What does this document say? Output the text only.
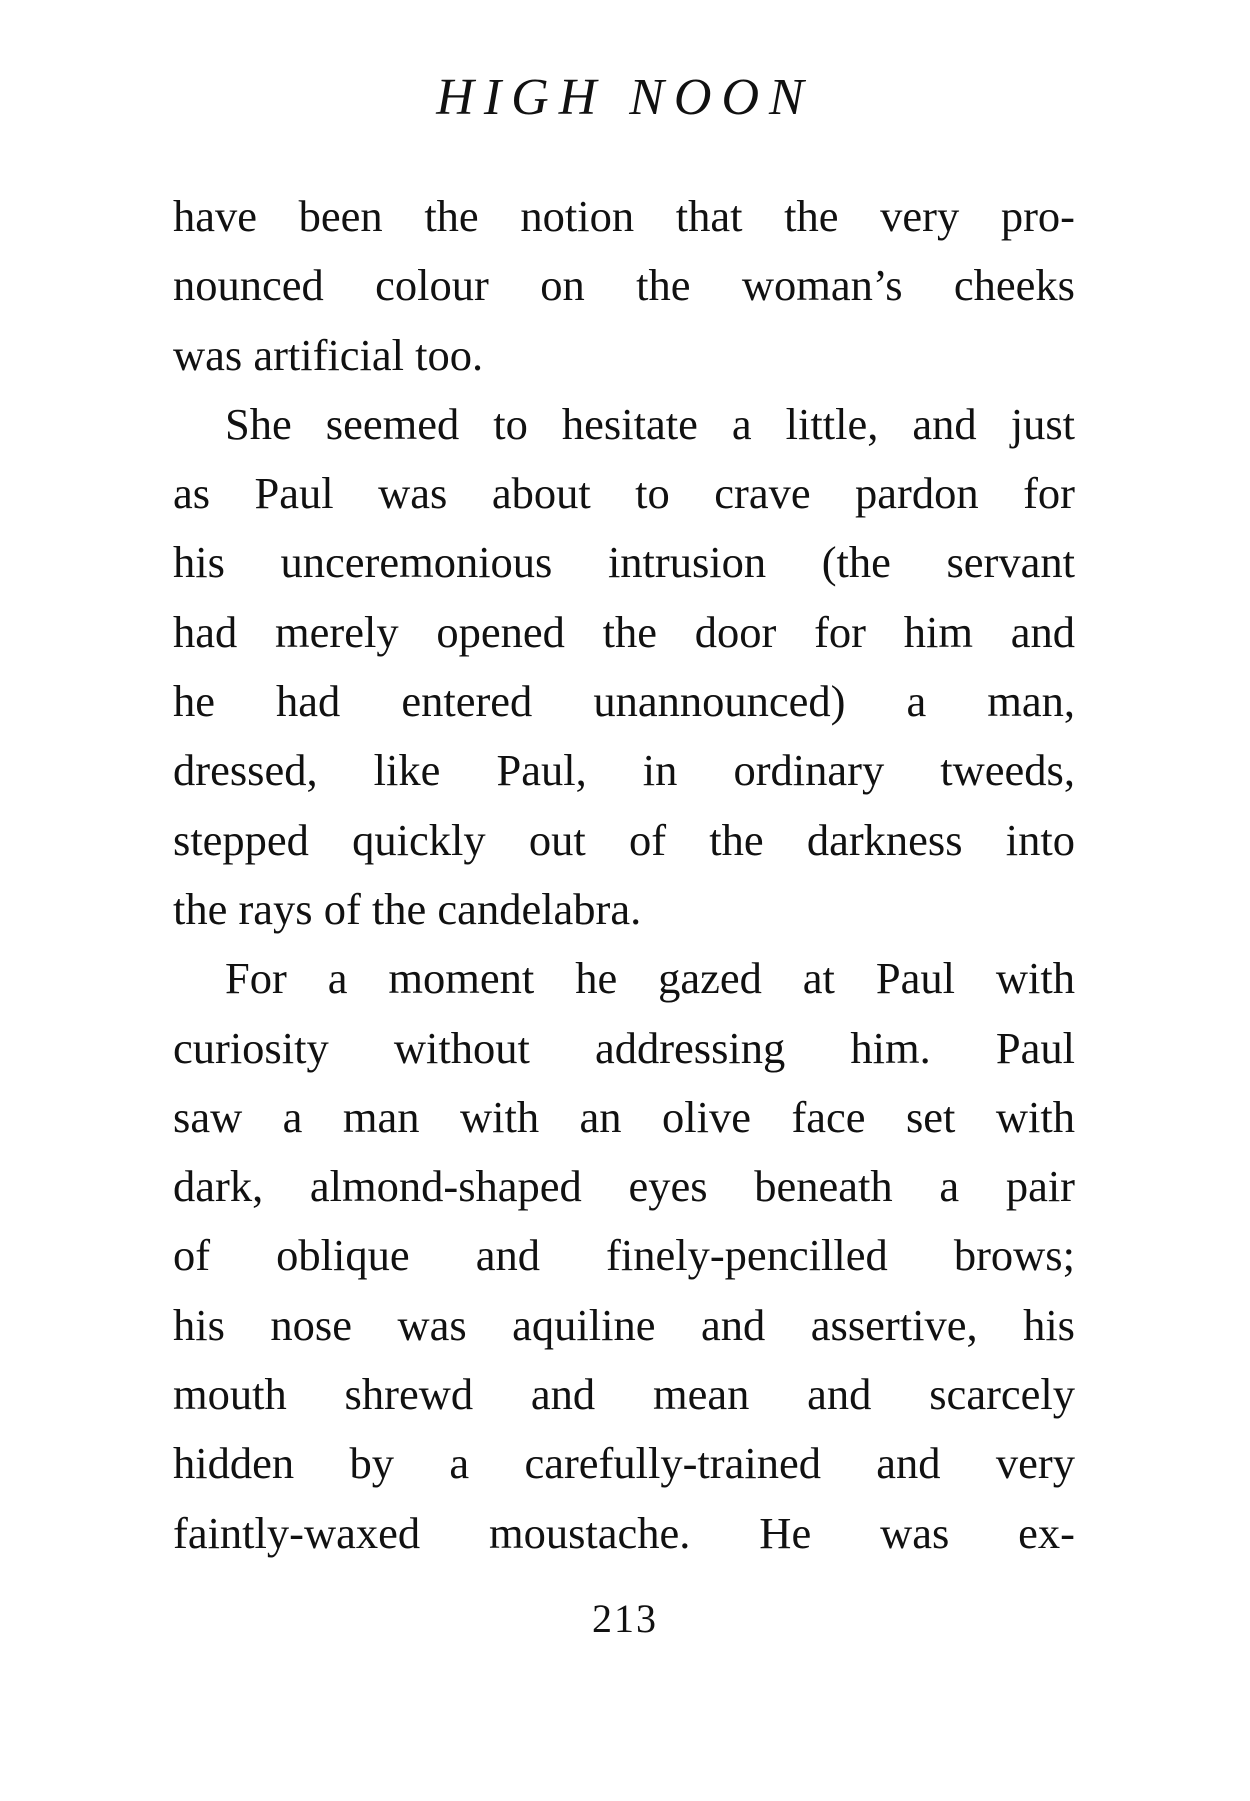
HIGH NOON
have been the notion that the very pro-
nounced colour on the woman’s cheeks
was artificial too.
She seemed to hesitate a little, and just
as Paul was about to crave pardon for
his unceremonious intrusion (the servant
had merely opened the door for him and
he had entered unannounced) a man,
dressed, like Paul, in ordinary tweeds,
stepped quickly out of the darkness into
the rays of the candelabra.
For a moment he gazed at Paul with
curiosity without addressing him. Paul
saw a man with an olive face set with
dark, almond-shaped eyes beneath a pair
of oblique and finely-pencilled brows;
his nose was aquiline and assertive, his
mouth shrewd and mean and scarcely
hidden by a carefully-trained and very
faintly-waxed moustache. He was ex-
213
